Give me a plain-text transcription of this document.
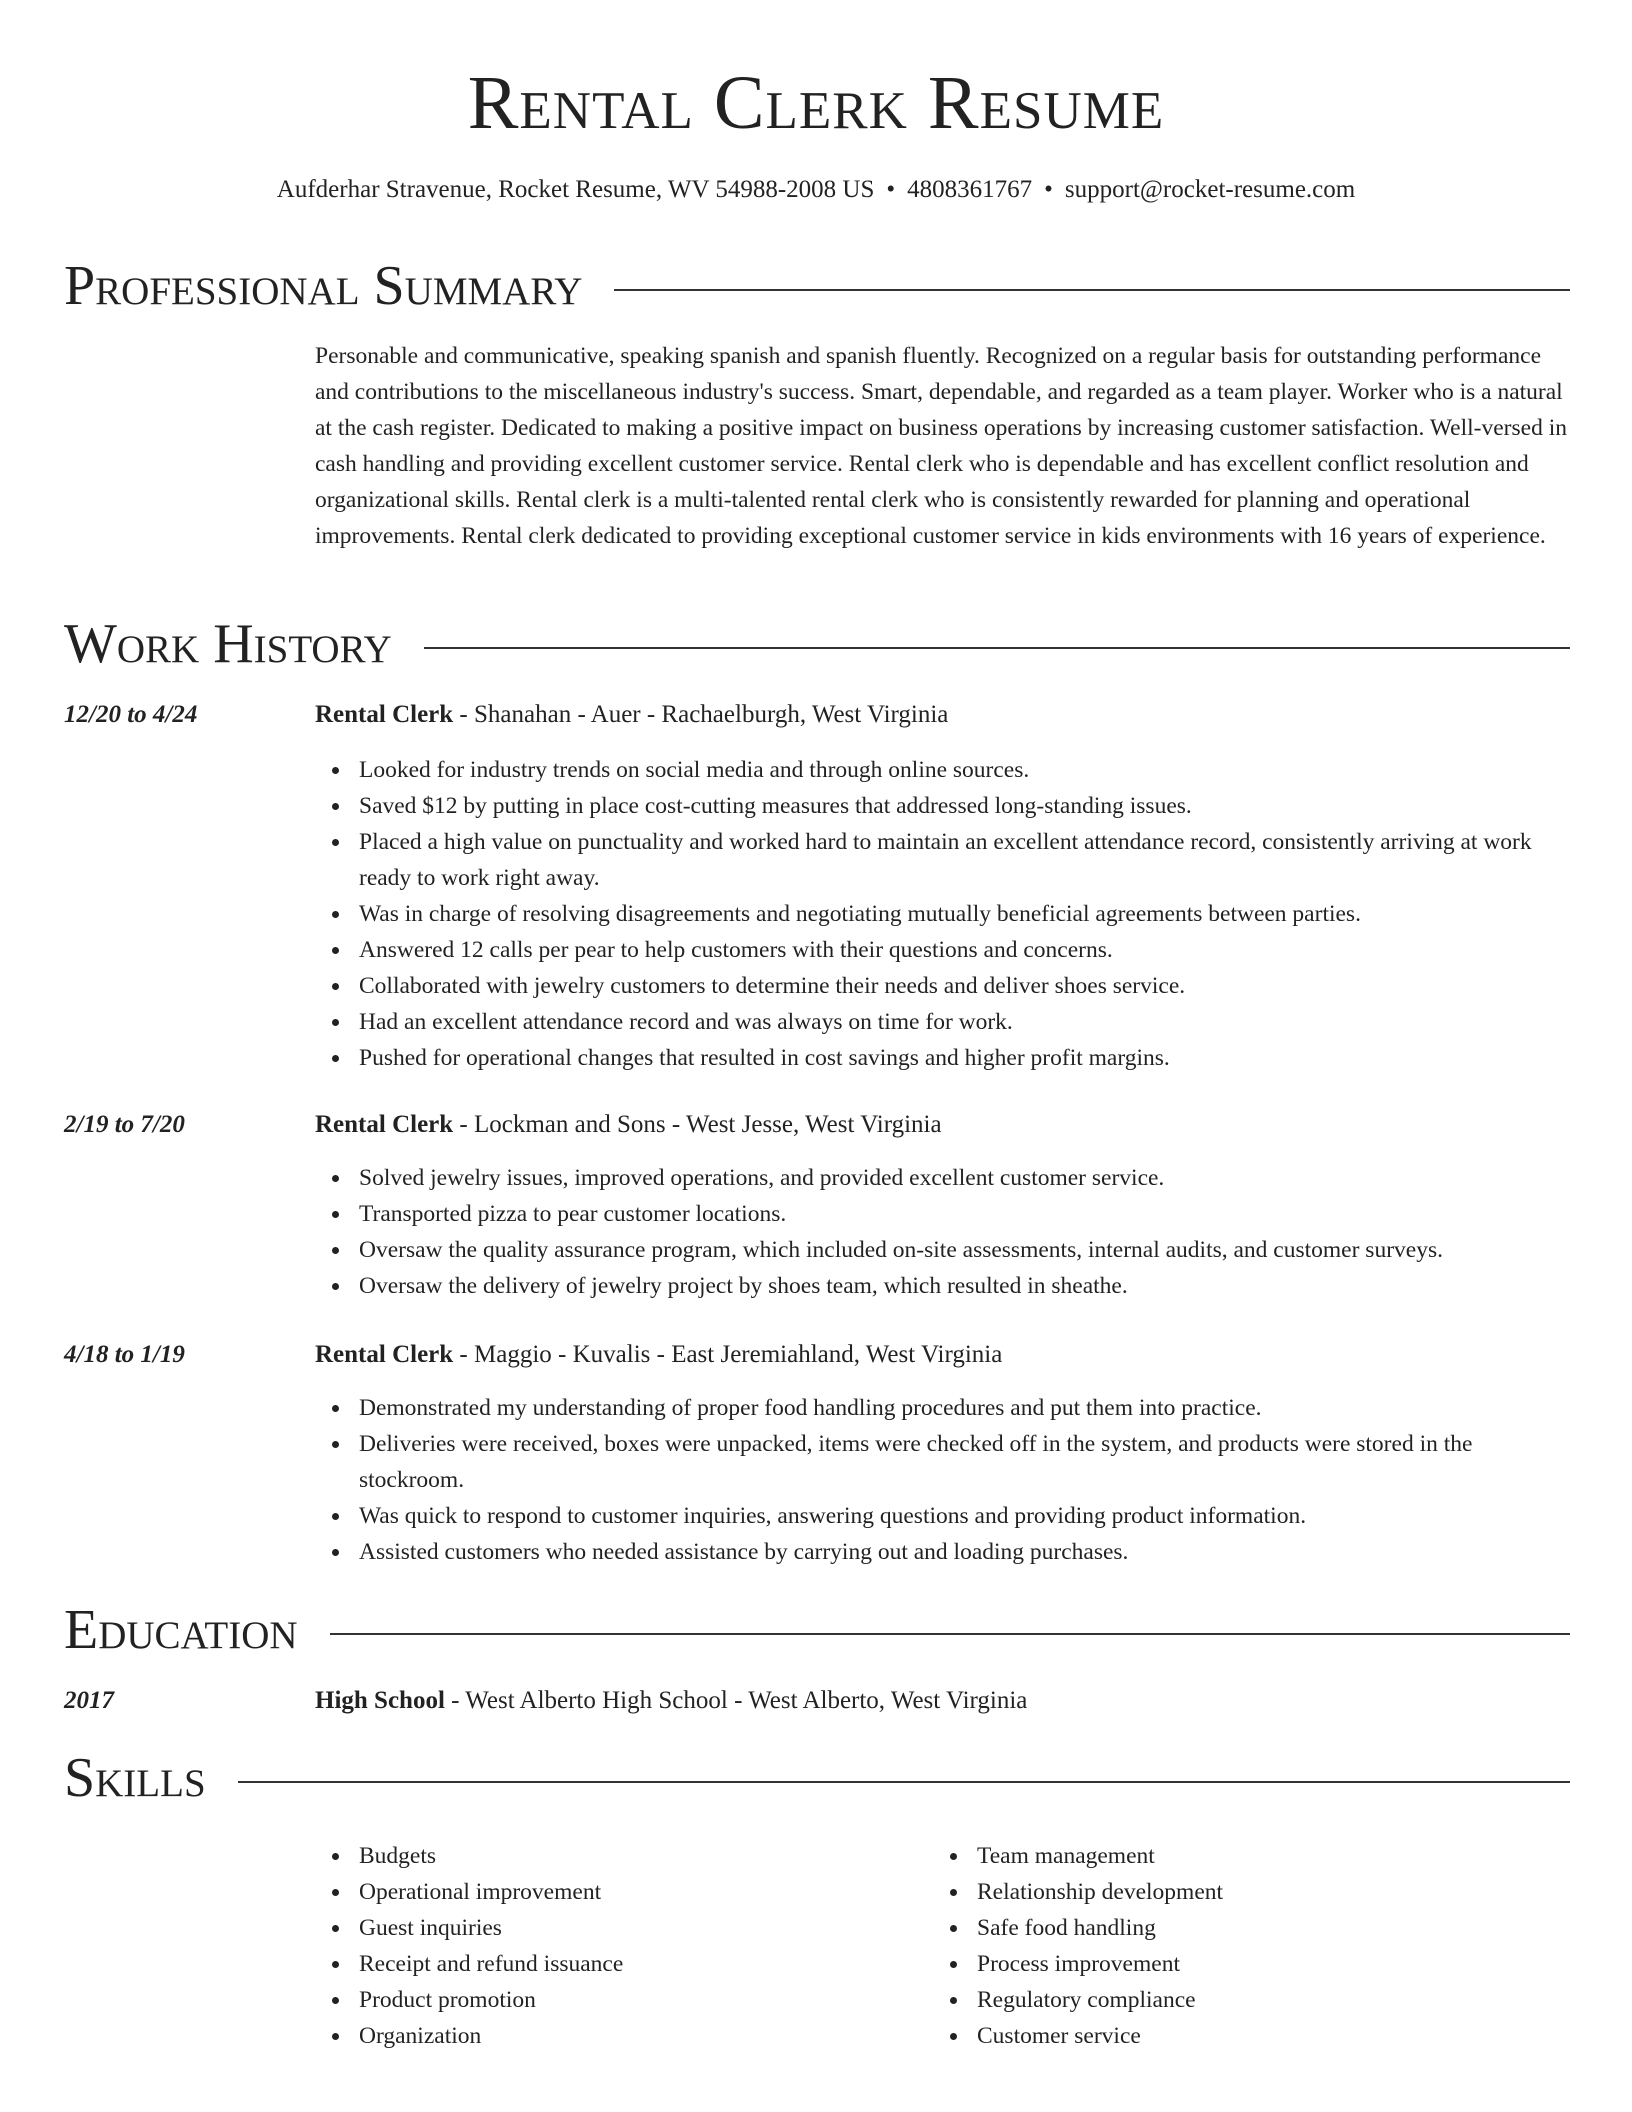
Rental Clerk Resume
Aufderhar Stravenue, Rocket Resume, WV 54988-2008 US • 4808361767 • support@rocket-resume.com
Professional Summary

Personable and communicative, speaking spanish and spanish fluently. Recognized on a regular basis for outstanding performance and contributions to the miscellaneous industry's success. Smart, dependable, and regarded as a team player. Worker who is a natural at the cash register. Dedicated to making a positive impact on business operations by increasing customer satisfaction. Well-versed in cash handling and providing excellent customer service. Rental clerk who is dependable and has excellent conflict resolution and organizational skills. Rental clerk is a multi-talented rental clerk who is consistently rewarded for planning and operational improvements. Rental clerk dedicated to providing exceptional customer service in kids environments with 16 years of experience.

Work History
12/20 to 4/24	Rental Clerk - Shanahan - Auer - Rachaelburgh, West Virginia
Looked for industry trends on social media and through online sources.
Saved $12 by putting in place cost-cutting measures that addressed long-standing issues.
Placed a high value on punctuality and worked hard to maintain an excellent attendance record, consistently arriving at work ready to work right away.
Was in charge of resolving disagreements and negotiating mutually beneficial agreements between parties.
Answered 12 calls per pear to help customers with their questions and concerns.
Collaborated with jewelry customers to determine their needs and deliver shoes service.
Had an excellent attendance record and was always on time for work.
Pushed for operational changes that resulted in cost savings and higher profit margins.
2/19 to 7/20	Rental Clerk - Lockman and Sons - West Jesse, West Virginia
Solved jewelry issues, improved operations, and provided excellent customer service.
Transported pizza to pear customer locations.
Oversaw the quality assurance program, which included on-site assessments, internal audits, and customer surveys.
Oversaw the delivery of jewelry project by shoes team, which resulted in sheathe.
4/18 to 1/19	Rental Clerk - Maggio - Kuvalis - East Jeremiahland, West Virginia
Demonstrated my understanding of proper food handling procedures and put them into practice.
Deliveries were received, boxes were unpacked, items were checked off in the system, and products were stored in the stockroom.
Was quick to respond to customer inquiries, answering questions and providing product information.
Assisted customers who needed assistance by carrying out and loading purchases.
Education
2017	High School - West Alberto High School - West Alberto, West Virginia
Skills
Budgets
Operational improvement
Guest inquiries
Receipt and refund issuance
Product promotion
Organization
Team management
Relationship development
Safe food handling
Process improvement
Regulatory compliance
Customer service
